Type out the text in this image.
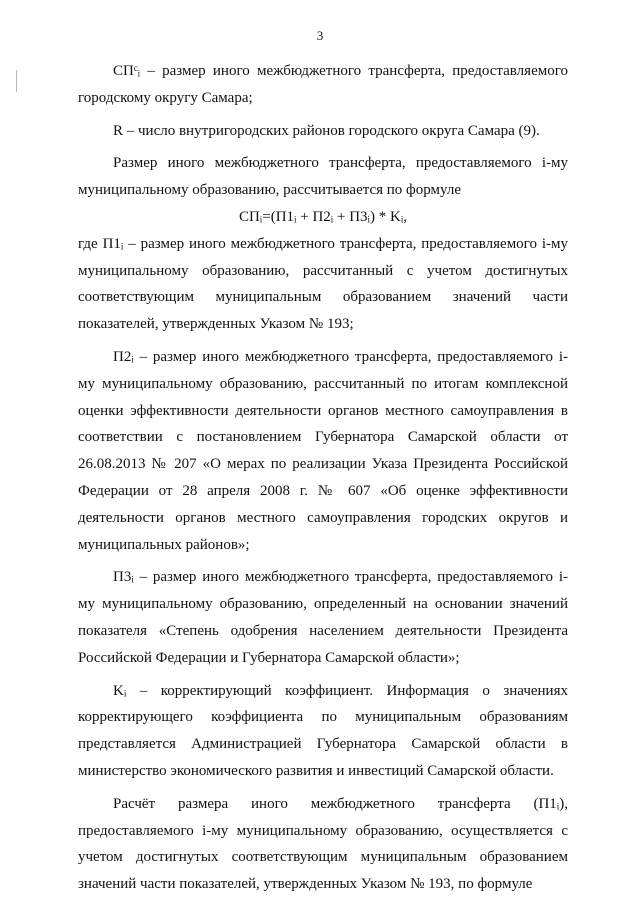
3

СПᶜᵢ – размер иного межбюджетного трансферта, предоставляемого городскому округу Самара;

R – число внутригородских районов городского округа Самара (9).

Размер иного межбюджетного трансферта, предоставляемого i-му муниципальному образованию, рассчитывается по формуле

СПᵢ=(П1ᵢ + П2ᵢ + П3ᵢ) * Kᵢ,

где П1ᵢ – размер иного межбюджетного трансферта, предоставляемого i-му муниципальному образованию, рассчитанный с учетом достигнутых соответствующим муниципальным образованием значений части показателей, утвержденных Указом № 193;

П2ᵢ – размер иного межбюджетного трансферта, предоставляемого i-му муниципальному образованию, рассчитанный по итогам комплексной оценки эффективности деятельности органов местного самоуправления в соответствии с постановлением Губернатора Самарской области от 26.08.2013 № 207 «О мерах по реализации Указа Президента Российской Федерации от 28 апреля 2008 г. № 607 «Об оценке эффективности деятельности органов местного самоуправления городских округов и муниципальных районов»;

П3ᵢ – размер иного межбюджетного трансферта, предоставляемого i-му муниципальному образованию, определенный на основании значений показателя «Степень одобрения населением деятельности Президента Российской Федерации и Губернатора Самарской области»;

Kᵢ – корректирующий коэффициент. Информация о значениях корректирующего коэффициента по муниципальным образованиям представляется Администрацией Губернатора Самарской области в министерство экономического развития и инвестиций Самарской области.

Расчёт размера иного межбюджетного трансферта (П1ᵢ), предоставляемого i-му муниципальному образованию, осуществляется с учетом достигнутых соответствующим муниципальным образованием значений части показателей, утвержденных Указом № 193, по формуле
